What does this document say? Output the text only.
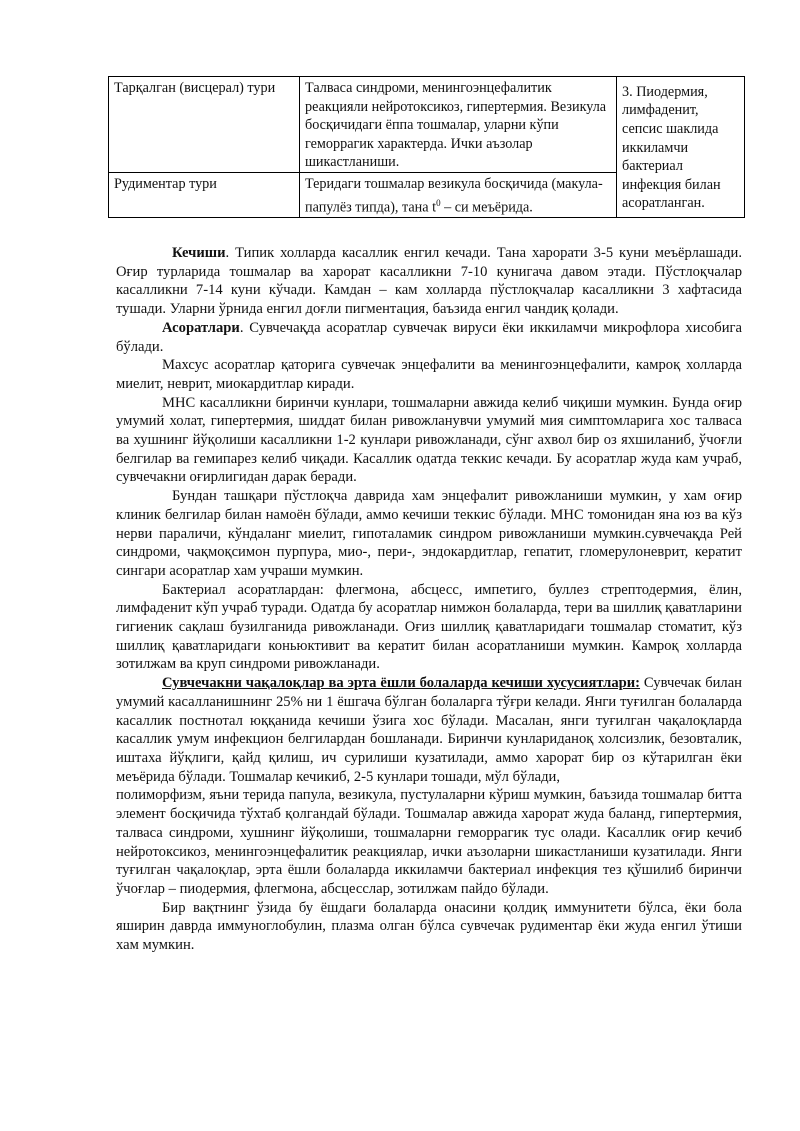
Тарқалган (висцерал) тури	Талваса синдроми, менингоэнцефалитик реакцияли нейротоксикоз, гипертермия. Везикула босқичидаги ёппа тошмалар, уларни кўпи геморрагик характерда. Ички аъзолар шикастланиши.	3. Пиодермия, лимфаденит, сепсис шаклида иккиламчи бактериал инфекция билан асоратланган.
Рудиментар тури	Теридаги тошмалар везикула босқичида (макула- папулёз типда), тана $t^0$ – си меъёрида.	

Кечиши. Типик холларда касаллик енгил кечади. Тана харорати 3-5 куни меъёрлашади. Оғир турларида тошмалар ва харорат касалликни 7-10 кунигача давом этади. Пўстлоқчалар касалликни 7-14 куни кўчади. Камдан – кам холларда пўстлоқчалар касалликни 3 хафтасида тушади. Уларни ўрнида енгил доғли пигментация, баъзида енгил чандиқ қолади.

Асоратлари. Сувчечақда асоратлар сувчечак вируси ёки иккиламчи микрофлора хисобига бўлади.

Махсус асоратлар қаторига сувчечак энцефалити ва менингоэнцефалити, камроқ холларда миелит, неврит, миокардитлар киради.

МНС касалликни биринчи кунлари, тошмаларни авжида келиб чиқиши мумкин. Бунда оғир умумий холат, гипертермия, шиддат билан ривожланувчи умумий мия симптомларига хос талваса ва хушнинг йўқолиши касалликни 1-2 кунлари ривожланади, сўнг ахвол бир оз яхшиланиб, ўчоғли белгилар ва гемипарез келиб чиқади. Касаллик одатда теккис кечади. Бу асоратлар жуда кам учраб, сувчечакни оғирлигидан дарак беради.

Бундан ташқари пўстлоқча даврида хам энцефалит ривожланиши мумкин, у хам оғир клиник белгилар билан намоён бўлади, аммо кечиши теккис бўлади. МНС томонидан яна юз ва кўз нерви параличи, кўндаланг миелит, гипоталамик синдром ривожланиши мумкин.сувчечақда Рей синдроми, чақмоқсимон пурпура, мио-, пери-, эндокардитлар, гепатит, гломерулоневрит, кератит сингари асоратлар хам учраши мумкин.

Бактериал асоратлардан: флегмона, абсцесс, импетиго, буллез стрептодермия, ёлин, лимфаденит кўп учраб туради. Одатда бу асоратлар нимжон болаларда, тери ва шиллиқ қаватларини гигиеник сақлаш бузилганида ривожланади. Оғиз шиллиқ қаватларидаги тошмалар стоматит, кўз шиллиқ қаватларидаги коньюктивит ва кератит билан асоратланиши мумкин. Камроқ холларда зотилжам ва круп синдроми ривожланади.

Сувчечакни чақалоқлар ва эрта ёшли болаларда кечиши хусусиятлари: Сувчечак билан умумий касалланишнинг 25% ни 1 ёшгача бўлган болаларга тўғри келади. Янги туғилган болаларда касаллик постнотал юққанида кечиши ўзига хос бўлади. Масалан, янги туғилган чақалоқларда касаллик умум инфекцион белгилардан бошланади. Биринчи кунлариданоқ холсизлик, безовталик, иштаха йўқлиги, қайд қилиш, ич сурилиши кузатилади, аммо харорат бир оз кўтарилган ёки меъёрида бўлади. Тошмалар кечикиб, 2-5 кунлари тошади, мўл бўлади,

полиморфизм, яъни терида папула, везикула, пустулаларни кўриш мумкин, баъзида тошмалар битта элемент босқичида тўхтаб қолгандай бўлади. Тошмалар авжида харорат жуда баланд, гипертермия, талваса синдроми, хушнинг йўқолиши, тошмаларни геморрагик тус олади. Касаллик оғир кечиб нейротоксикоз, менингоэнцефалитик реакциялар, ички аъзоларни шикастланиши кузатилади. Янги туғилган чақалоқлар, эрта ёшли болаларда иккиламчи бактериал инфекция тез қўшилиб биринчи ўчоғлар – пиодермия, флегмона, абсцесслар, зотилжам пайдо бўлади.

Бир вақтнинг ўзида бу ёшдаги болаларда онасини қолдиқ иммунитети бўлса, ёки бола яширин даврда иммуноглобулин, плазма олган бўлса сувчечак рудиментар ёки жуда енгил ўтиши хам мумкин.
